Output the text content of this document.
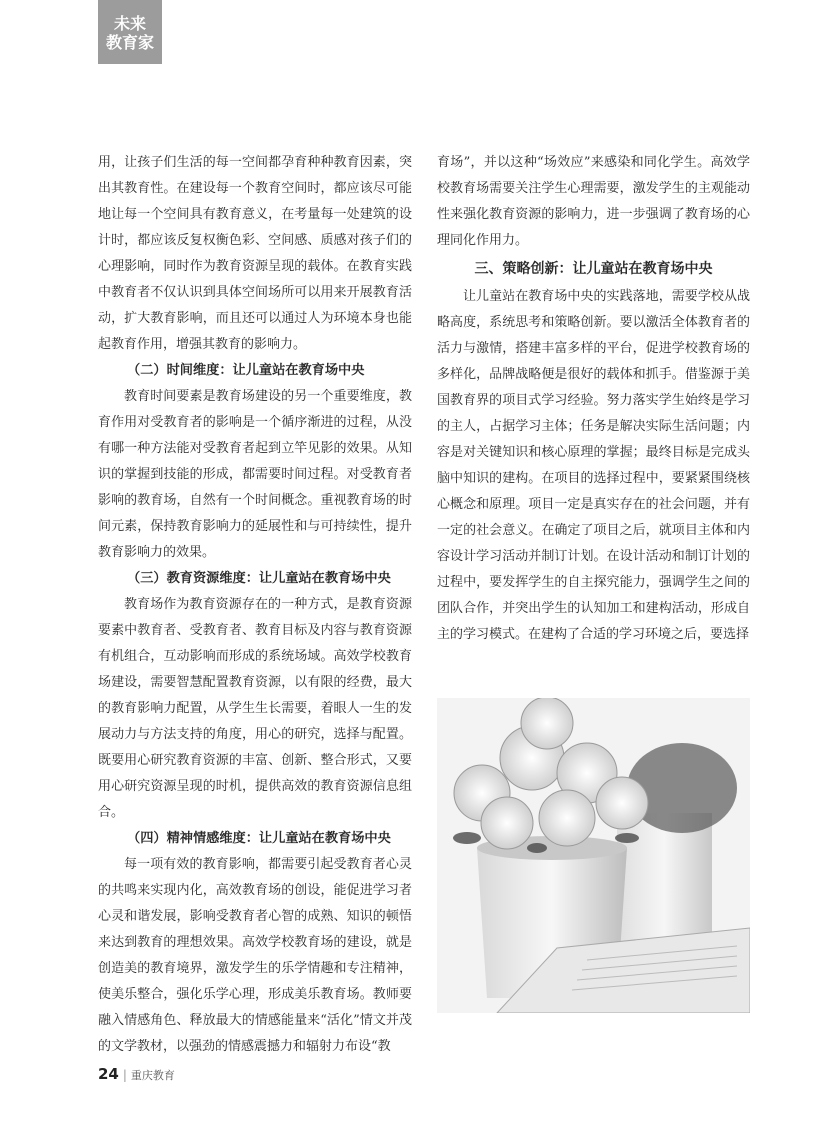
未来
教育家

用，让孩子们生活的每一空间都孕育种种教育因素，突出其教育性。在建设每一个教育空间时，都应该尽可能地让每一个空间具有教育意义，在考量每一处建筑的设计时，都应该反复权衡色彩、空间感、质感对孩子们的心理影响，同时作为教育资源呈现的载体。在教育实践中教育者不仅认识到具体空间场所可以用来开展教育活动，扩大教育影响，而且还可以通过人为环境本身也能起教育作用，增强其教育的影响力。

（二）时间维度：让儿童站在教育场中央

教育时间要素是教育场建设的另一个重要维度，教育作用对受教育者的影响是一个循序渐进的过程，从没有哪一种方法能对受教育者起到立竿见影的效果。从知识的掌握到技能的形成，都需要时间过程。对受教育者影响的教育场，自然有一个时间概念。重视教育场的时间元素，保持教育影响力的延展性和与可持续性，提升教育影响力的效果。

（三）教育资源维度：让儿童站在教育场中央

教育场作为教育资源存在的一种方式，是教育资源要素中教育者、受教育者、教育目标及内容与教育资源有机组合，互动影响而形成的系统场域。高效学校教育场建设，需要智慧配置教育资源，以有限的经费，最大的教育影响力配置，从学生生长需要，着眼人一生的发展动力与方法支持的角度，用心的研究，选择与配置。既要用心研究教育资源的丰富、创新、整合形式，又要用心研究资源呈现的时机，提供高效的教育资源信息组合。

（四）精神情感维度：让儿童站在教育场中央

每一项有效的教育影响，都需要引起受教育者心灵的共鸣来实现内化，高效教育场的创设，能促进学习者心灵和谐发展，影响受教育者心智的成熟、知识的顿悟来达到教育的理想效果。高效学校教育场的建设，就是创造美的教育境界，激发学生的乐学情趣和专注精神，使美乐整合，强化乐学心理，形成美乐教育场。教师要融入情感角色、释放最大的情感能量来“活化”情文并茂的文学教材，以强劲的情感震撼力和辐射力布设“教

育场”，并以这种“场效应”来感染和同化学生。高效学校教育场需要关注学生心理需要，激发学生的主观能动性来强化教育资源的影响力，进一步强调了教育场的心理同化作用力。

三、策略创新：让儿童站在教育场中央

让儿童站在教育场中央的实践落地，需要学校从战略高度，系统思考和策略创新。要以激活全体教育者的活力与激情，搭建丰富多样的平台，促进学校教育场的多样化，品牌战略便是很好的载体和抓手。借鉴源于美国教育界的项目式学习经验。努力落实学生始终是学习的主人，占据学习主体；任务是解决实际生活问题；内容是对关键知识和核心原理的掌握；最终目标是完成头脑中知识的建构。在项目的选择过程中，要紧紧围绕核心概念和原理。项目一定是真实存在的社会问题，并有一定的社会意义。在确定了项目之后，就项目主体和内容设计学习活动并制订计划。在设计活动和制订计划的过程中，要发挥学生的自主探究能力，强调学生之间的团队合作，并突出学生的认知加工和建构活动，形成自主的学习模式。在建构了合适的学习环境之后，要选择

24 | 重庆教育
